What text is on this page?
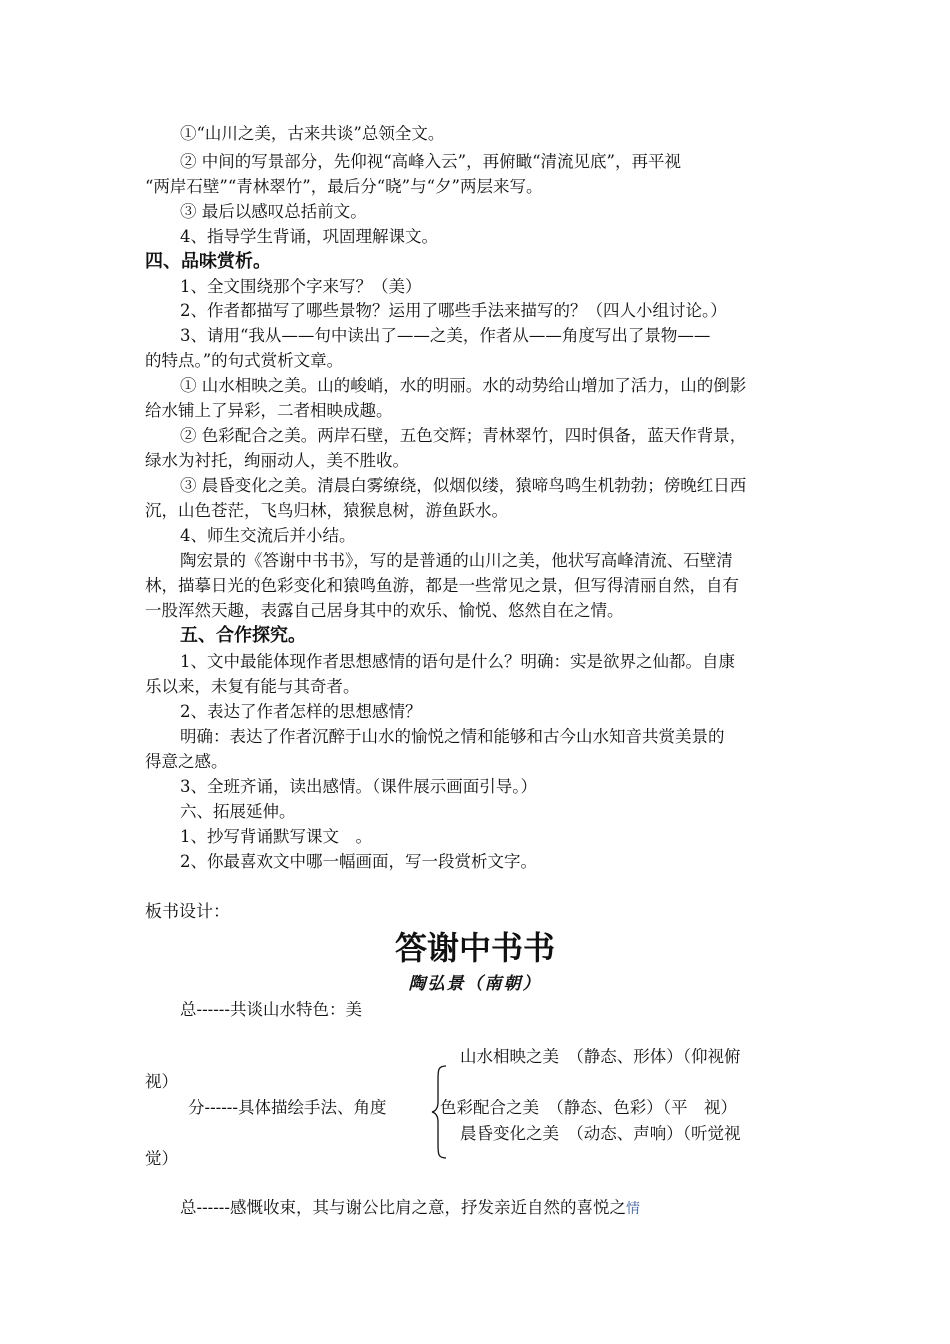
①“山川之美，古来共谈”总领全文。
② 中间的写景部分，先仰视“高峰入云”，再俯瞰“清流见底”，再平视
“两岸石壁”“青林翠竹”，最后分“晓”与“夕”两层来写。
③ 最后以感叹总括前文。
4、指导学生背诵，巩固理解课文。
四、品味赏析。
1、全文围绕那个字来写？（美）
2、作者都描写了哪些景物？运用了哪些手法来描写的？（四人小组讨论。）
3、请用“我从——句中读出了——之美，作者从——角度写出了景物——
的特点。”的句式赏析文章。
① 山水相映之美。山的峻峭，水的明丽。水的动势给山增加了活力，山的倒影
给水铺上了异彩，二者相映成趣。
② 色彩配合之美。两岸石壁，五色交辉；青林翠竹，四时俱备，蓝天作背景，
绿水为衬托，绚丽动人，美不胜收。
③ 晨昏变化之美。清晨白雾缭绕，似烟似缕，猿啼鸟鸣生机勃勃；傍晚红日西
沉，山色苍茫，飞鸟归林，猿猴息树，游鱼跃水。
4、师生交流后并小结。
陶宏景的《答谢中书书》，写的是普通的山川之美，他状写高峰清流、石壁清
林，描摹日光的色彩变化和猿鸣鱼游，都是一些常见之景，但写得清丽自然，自有
一股浑然天趣，表露自己居身其中的欢乐、愉悦、悠然自在之情。
五、合作探究。
1、文中最能体现作者思想感情的语句是什么？明确：实是欲界之仙都。自康
乐以来，未复有能与其奇者。
2、表达了作者怎样的思想感情？
明确：表达了作者沉醉于山水的愉悦之情和能够和古今山水知音共赏美景的
得意之感。
3、全班齐诵，读出感情。（课件展示画面引导。）
六、拓展延伸。
1、抄写背诵默写课文　。
2、你最喜欢文中哪一幅画面，写一段赏析文字。
板书设计：
答谢中书书
陶弘景（南朝）
总------共谈山水特色：美
山水相映之美　（静态、形体）（仰视俯
视）
分------具体描绘手法、角度	色彩配合之美　（静态、色彩）（平　视）
晨昏变化之美　（动态、声响）（听觉视
觉）
总------感慨收束，其与谢公比肩之意，抒发亲近自然的喜悦之情
